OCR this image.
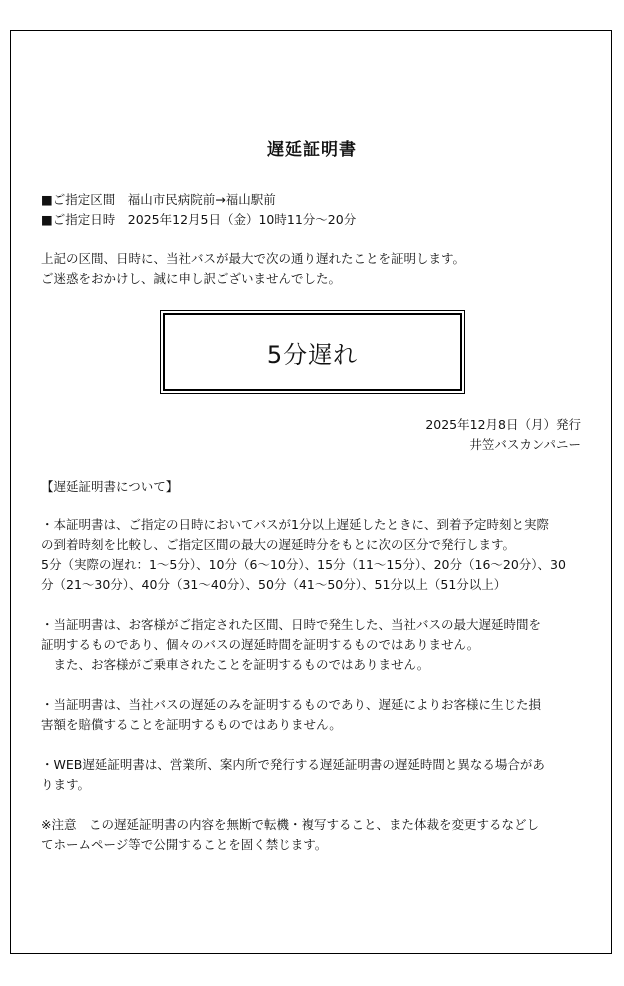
遅延証明書
■ご指定区間　福山市民病院前→福山駅前
■ご指定日時　2025年12月5日（金）10時11分～20分
上記の区間、日時に、当社バスが最大で次の通り遅れたことを証明します。
ご迷惑をおかけし、誠に申し訳ございませんでした。
5分遅れ
2025年12月8日（月）発行
井笠バスカンパニー
【遅延証明書について】
・本証明書は、ご指定の日時においてバスが1分以上遅延したときに、到着予定時刻と実際
の到着時刻を比較し、ご指定区間の最大の遅延時分をもとに次の区分で発行します。
5分（実際の遅れ：1～5分）、10分（6～10分）、15分（11～15分）、20分（16～20分）、30
分（21～30分）、40分（31～40分）、50分（41～50分）、51分以上（51分以上）
・当証明書は、お客様がご指定された区間、日時で発生した、当社バスの最大遅延時間を
証明するものであり、個々のバスの遅延時間を証明するものではありません。
　また、お客様がご乗車されたことを証明するものではありません。
・当証明書は、当社バスの遅延のみを証明するものであり、遅延によりお客様に生じた損
害額を賠償することを証明するものではありません。
・WEB遅延証明書は、営業所、案内所で発行する遅延証明書の遅延時間と異なる場合があ
ります。
※注意　この遅延証明書の内容を無断で転機・複写すること、また体裁を変更するなどし
てホームページ等で公開することを固く禁じます。
